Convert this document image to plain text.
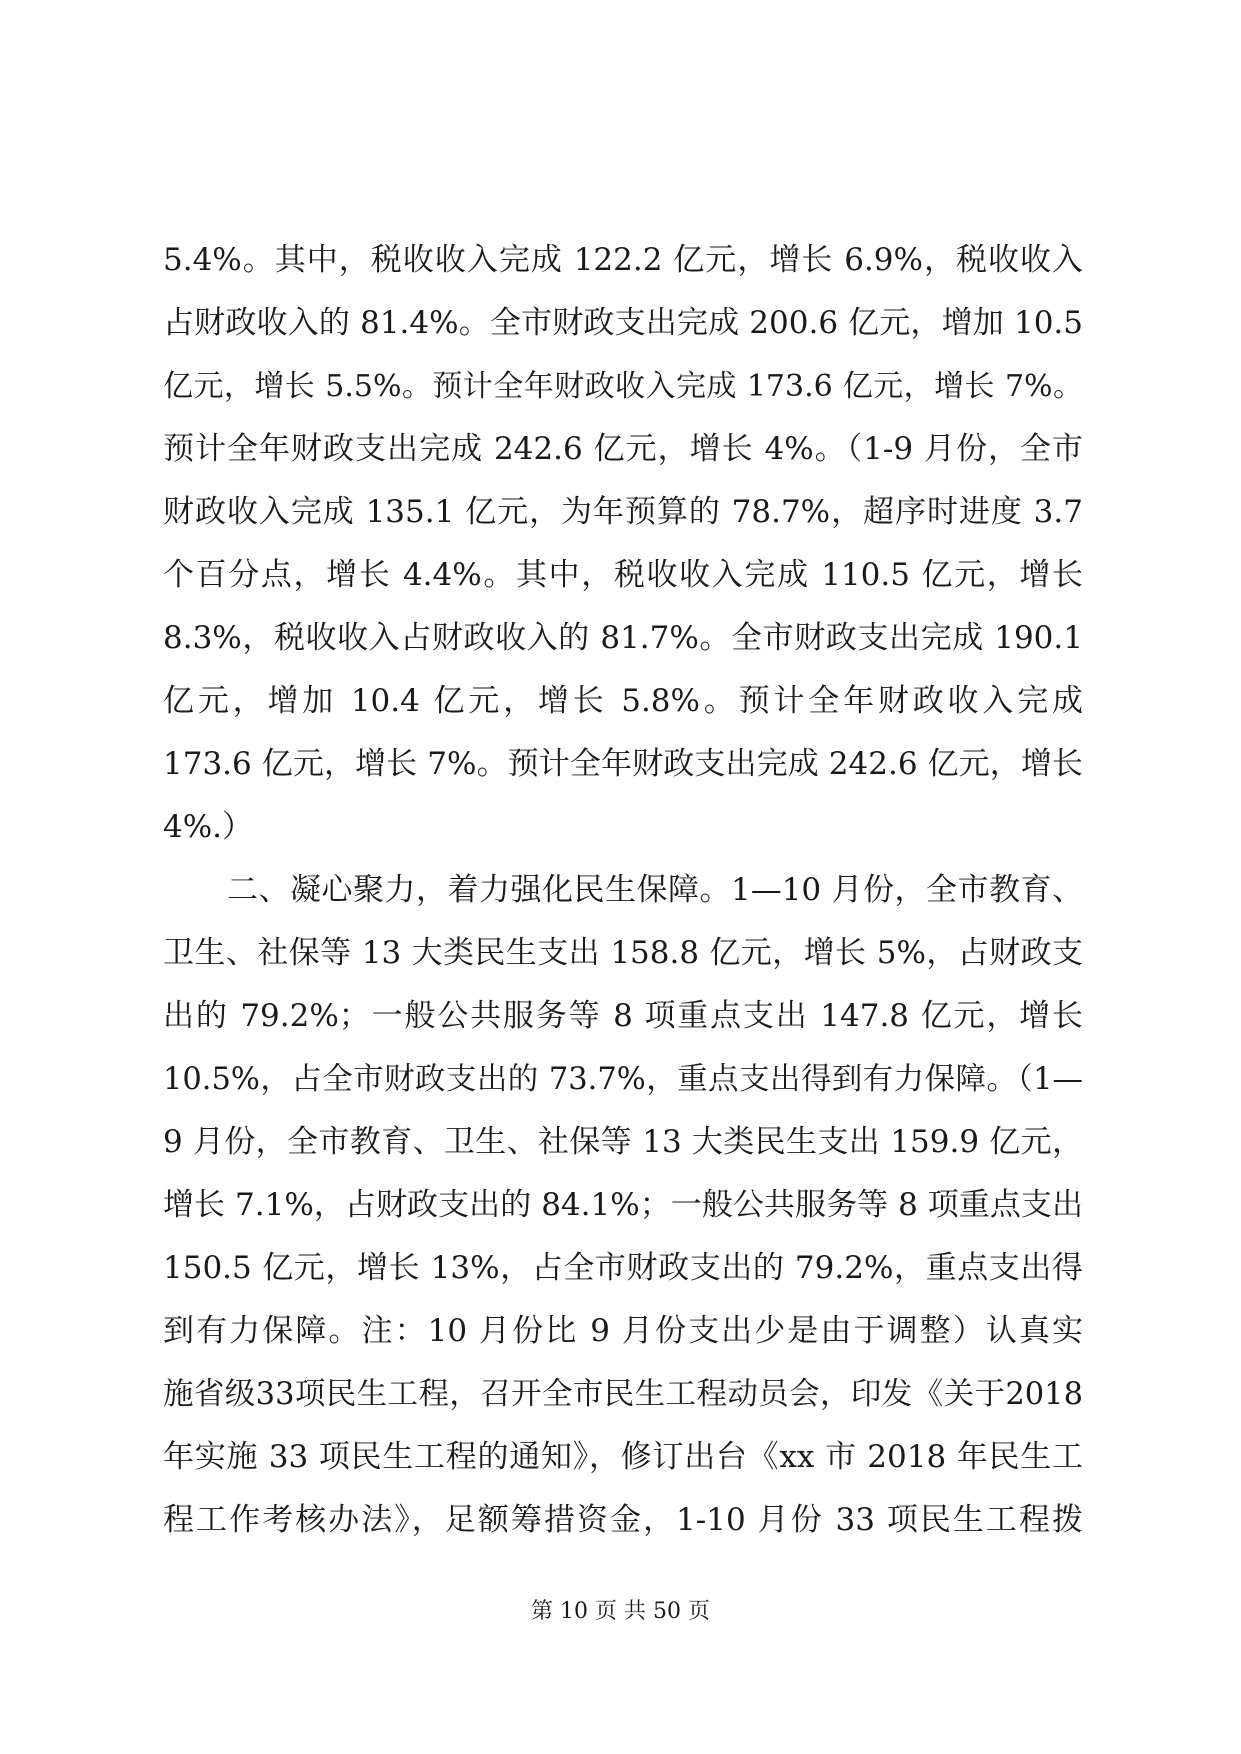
5.4%。其中，税收收入完成 122.2 亿元，增长 6.9%，税收收入
占财政收入的 81.4%。全市财政支出完成 200.6 亿元，增加 10.5
亿元，增长 5.5%。预计全年财政收入完成 173.6 亿元，增长 7%。
预计全年财政支出完成 242.6 亿元，增长 4%。（1-9 月份，全市
财政收入完成 135.1 亿元，为年预算的 78.7%，超序时进度 3.7
个百分点，增长 4.4%。其中，税收收入完成 110.5 亿元，增长
8.3%，税收收入占财政收入的 81.7%。全市财政支出完成 190.1
亿元，增加 10.4 亿元，增长 5.8%。预计全年财政收入完成
173.6 亿元，增长 7%。预计全年财政支出完成 242.6 亿元，增长
4%.）
二、凝心聚力，着力强化民生保障。1—10 月份，全市教育、
卫生、社保等 13 大类民生支出 158.8 亿元，增长 5%，占财政支
出的 79.2%；一般公共服务等 8 项重点支出 147.8 亿元，增长
10.5%，占全市财政支出的 73.7%，重点支出得到有力保障。（1—
9 月份，全市教育、卫生、社保等 13 大类民生支出 159.9 亿元，
增长 7.1%，占财政支出的 84.1%；一般公共服务等 8 项重点支出
150.5 亿元，增长 13%，占全市财政支出的 79.2%，重点支出得
到有力保障。注：10 月份比 9 月份支出少是由于调整）认真实
施省级33项民生工程，召开全市民生工程动员会，印发《关于2018
年实施 33 项民生工程的通知》，修订出台《xx 市 2018 年民生工
程工作考核办法》，足额筹措资金，1-10 月份 33 项民生工程拨
第 10 页 共 50 页
